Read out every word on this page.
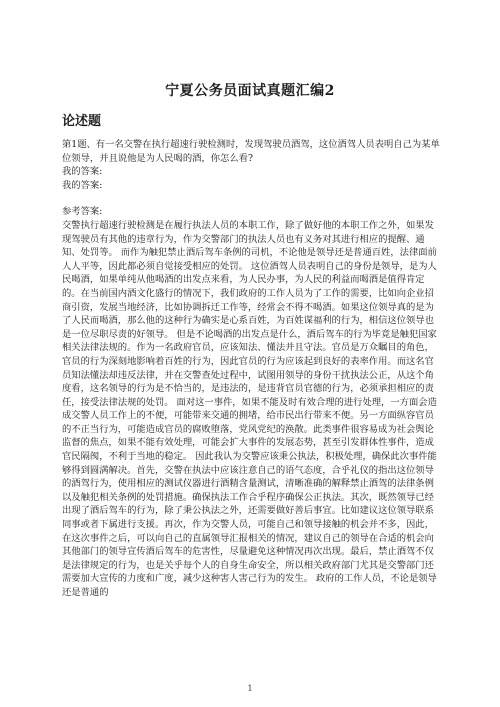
宁夏公务员面试真题汇编2
论述题

第1题、有一名交警在执行超速行驶检测时，发现驾驶员酒驾，这位酒驾人员表明自己为某单位领导，并且说他是为人民喝的酒，你怎么看?

我的答案:

我的答案:

参考答案:

交警执行超速行驶检测是在履行执法人员的本职工作，除了做好他的本职工作之外，如果发现驾驶员有其他的违章行为，作为交警部门的执法人员也有义务对其进行相应的提醒、通知、处罚等。 而作为触犯禁止酒后驾车条例的司机，不论他是领导还是普通百姓，法律面前人人平等，因此都必须自觉接受相应的处罚。 这位酒驾人员表明自己的身份是领导，是为人民喝酒，如果单纯从他喝酒的出发点来看，为人民办事，为人民的利益而喝酒是值得肯定的。在当前国内酒文化盛行的情况下，我们政府的工作人员为了工作的需要，比如向企业招商引资，发展当地经济，比如协调拆迁工作等，经常会不得不喝酒。如果这位领导真的是为了人民而喝酒，那么他的这种行为确实是心系百姓，为百姓谋福利的行为，相信这位领导也是一位尽职尽责的好领导。 但是不论喝酒的出发点是什么，酒后驾车的行为毕竟是触犯国家相关法律法规的。作为一名政府官员，应该知法、懂法并且守法。官员是万众瞩目的角色，官员的行为深刻地影响着百姓的行为，因此官员的行为应该起到良好的表率作用。而这名官员知法懂法却违反法律，并在交警查处过程中，试图用领导的身份干扰执法公正，从这个角度看，这名领导的行为是不恰当的，是违法的，是违背官员官德的行为，必须承担相应的责任，接受法律法规的处罚。 面对这一事件，如果不能及时有效合理的进行处理，一方面会造成交警人员工作上的不便，可能带来交通的拥堵，给市民出行带来不便。另一方面纵容官员的不正当行为，可能造成官员的腐败堕落，党风党纪的涣散。此类事件很容易成为社会舆论监督的焦点，如果不能有效处理，可能会扩大事件的发展态势，甚至引发群体性事件，造成官民隔阂，不利于当地的稳定。 因此我认为交警应该秉公执法，积极处理，确保此次事件能够得到圆满解决。首先，交警在执法中应该注意自己的语气态度，合乎礼仪的指出这位领导的酒驾行为，使用相应的测试仪器进行酒精含量测试，清晰准确的解释禁止酒驾的法律条例以及触犯相关条例的处罚措施。确保执法工作合乎程序确保公正执法。其次，既然领导已经出现了酒后驾车的行为，除了秉公执法之外，还需要做好善后事宜。比如建议这位领导联系同事或者下属进行支援。再次，作为交警人员，可能自己和领导接触的机会并不多，因此，在这次事件之后，可以向自己的直属领导汇报相关的情况，建议自己的领导在合适的机会向其他部门的领导宣传酒后驾车的危害性，尽量避免这种情况再次出现。最后，禁止酒驾不仅是法律规定的行为，也是关乎每个人的自身生命安全，所以相关政府部门尤其是交警部门还需要加大宣传的力度和广度，减少这种害人害己行为的发生。 政府的工作人员，不论是领导还是普通的

1
